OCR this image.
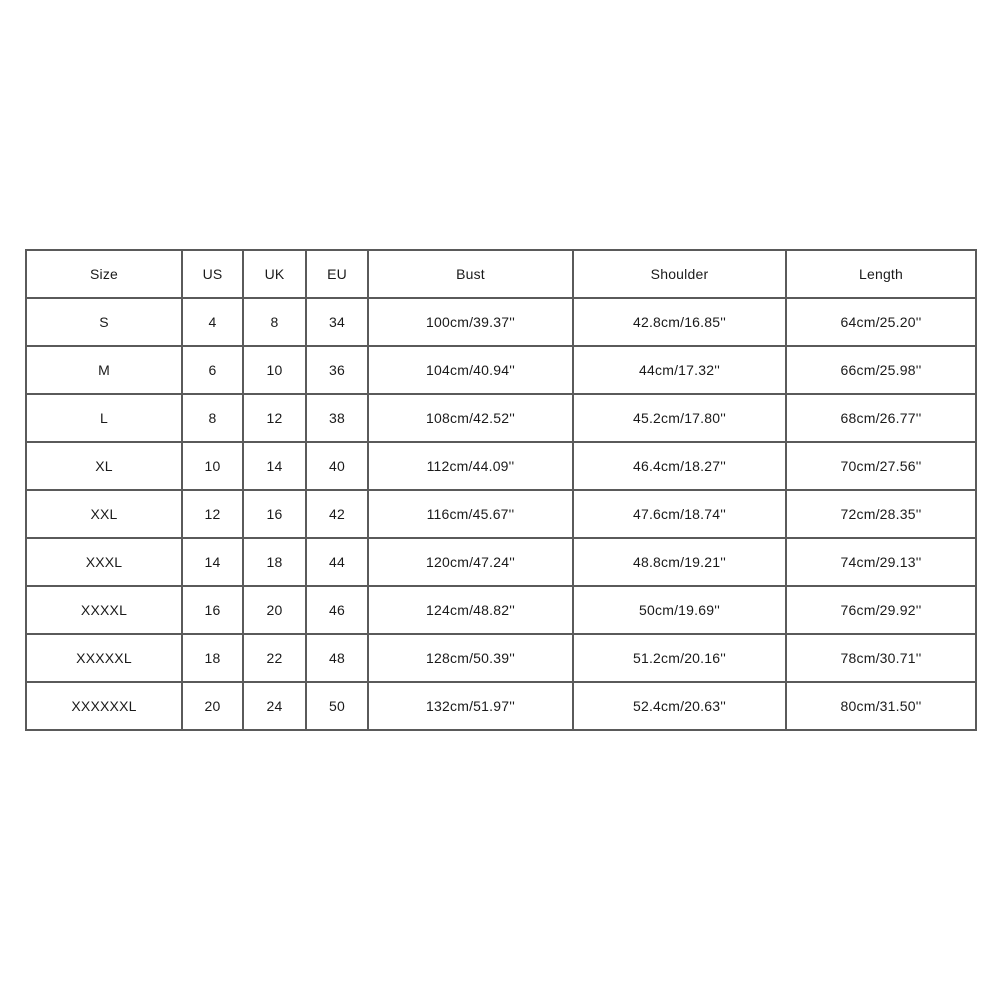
Size	US	UK	EU	Bust	Shoulder	Length
S	4	8	34	100cm/39.37''	42.8cm/16.85''	64cm/25.20''
M	6	10	36	104cm/40.94''	44cm/17.32''	66cm/25.98''
L	8	12	38	108cm/42.52''	45.2cm/17.80''	68cm/26.77''
XL	10	14	40	112cm/44.09''	46.4cm/18.27''	70cm/27.56''
XXL	12	16	42	116cm/45.67''	47.6cm/18.74''	72cm/28.35''
XXXL	14	18	44	120cm/47.24''	48.8cm/19.21''	74cm/29.13''
XXXXL	16	20	46	124cm/48.82''	50cm/19.69''	76cm/29.92''
XXXXXL	18	22	48	128cm/50.39''	51.2cm/20.16''	78cm/30.71''
XXXXXXL	20	24	50	132cm/51.97''	52.4cm/20.63''	80cm/31.50''
